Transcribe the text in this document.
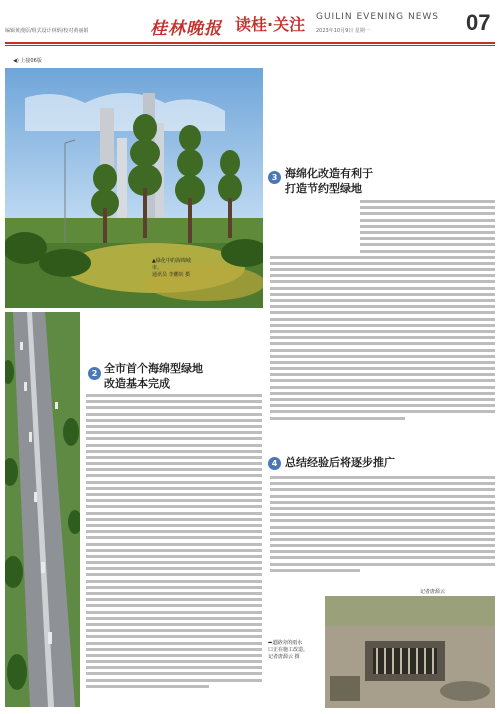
编辑黄漫原/组式设计林炳/校对黄丽娟	桂林晚报 读桂·关注 GUILIN EVENING NEWS
2023年10月9日 星期一	07
◀) 上接06版
▲绿化中的海绵城
市。
通讯员 李鹏钊 摄
3 海绵化改造有利于
打造节约型绿地
2 全市首个海绵型绿地
改造基本完成
4 总结经验后将逐步推广
记者唐源云
➡道路旁的雨水
口正在施工改造。
记者唐源云 摄
